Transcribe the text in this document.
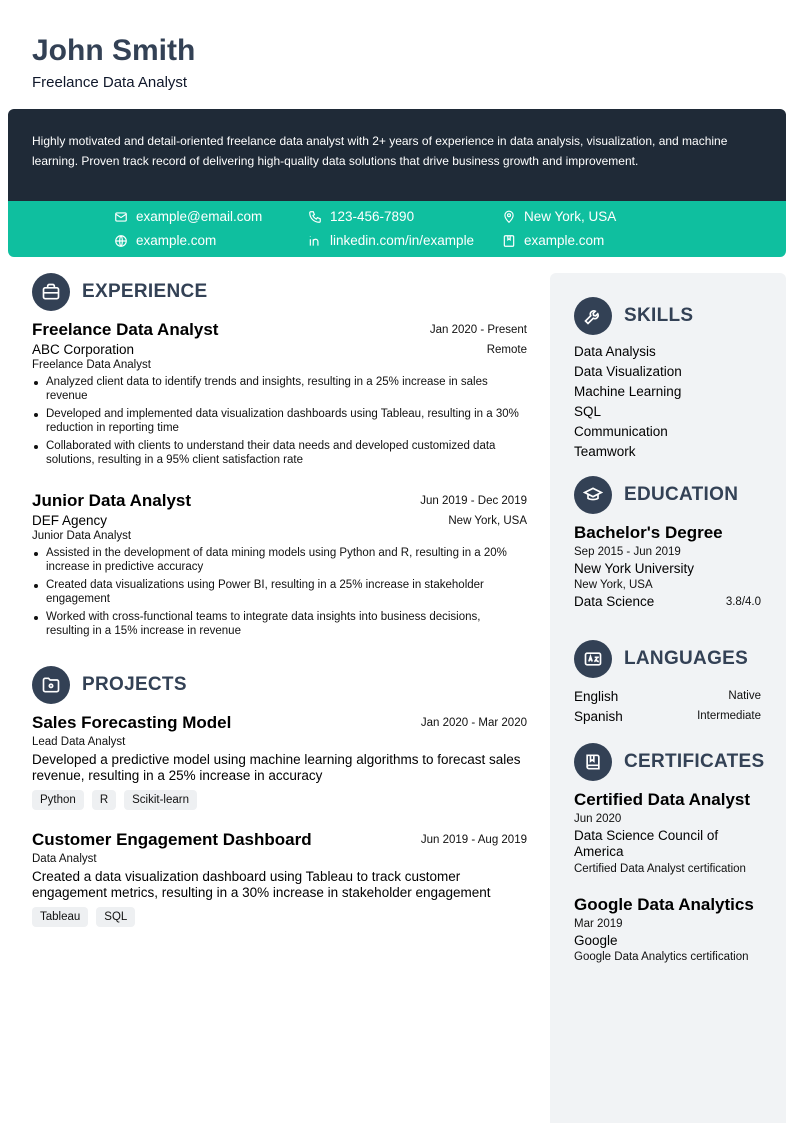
John Smith
Freelance Data Analyst
Highly motivated and detail-oriented freelance data analyst with 2+ years of experience in data analysis, visualization, and machine learning. Proven track record of delivering high-quality data solutions that drive business growth and improvement.
example@email.com	123-456-7890	New York, USA
example.com	linkedin.com/in/example	example.com
EXPERIENCE
Freelance Data Analyst	Jan 2020 - Present
ABC Corporation	Remote
Freelance Data Analyst
Analyzed client data to identify trends and insights, resulting in a 25% increase in sales revenue
Developed and implemented data visualization dashboards using Tableau, resulting in a 30% reduction in reporting time
Collaborated with clients to understand their data needs and developed customized data solutions, resulting in a 95% client satisfaction rate
Junior Data Analyst	Jun 2019 - Dec 2019
DEF Agency	New York, USA
Junior Data Analyst
Assisted in the development of data mining models using Python and R, resulting in a 20% increase in predictive accuracy
Created data visualizations using Power BI, resulting in a 25% increase in stakeholder engagement
Worked with cross-functional teams to integrate data insights into business decisions, resulting in a 15% increase in revenue
PROJECTS
Sales Forecasting Model	Jan 2020 - Mar 2020
Lead Data Analyst
Developed a predictive model using machine learning algorithms to forecast sales revenue, resulting in a 25% increase in accuracy
Python	R	Scikit-learn
Customer Engagement Dashboard	Jun 2019 - Aug 2019
Data Analyst
Created a data visualization dashboard using Tableau to track customer engagement metrics, resulting in a 30% increase in stakeholder engagement
Tableau	SQL
SKILLS
Data Analysis
Data Visualization
Machine Learning
SQL
Communication
Teamwork
EDUCATION
Bachelor's Degree
Sep 2015 - Jun 2019
New York University
New York, USA
Data Science	3.8/4.0
LANGUAGES
English	Native
Spanish	Intermediate
CERTIFICATES
Certified Data Analyst
Jun 2020
Data Science Council of America
Certified Data Analyst certification
Google Data Analytics
Mar 2019
Google
Google Data Analytics certification
